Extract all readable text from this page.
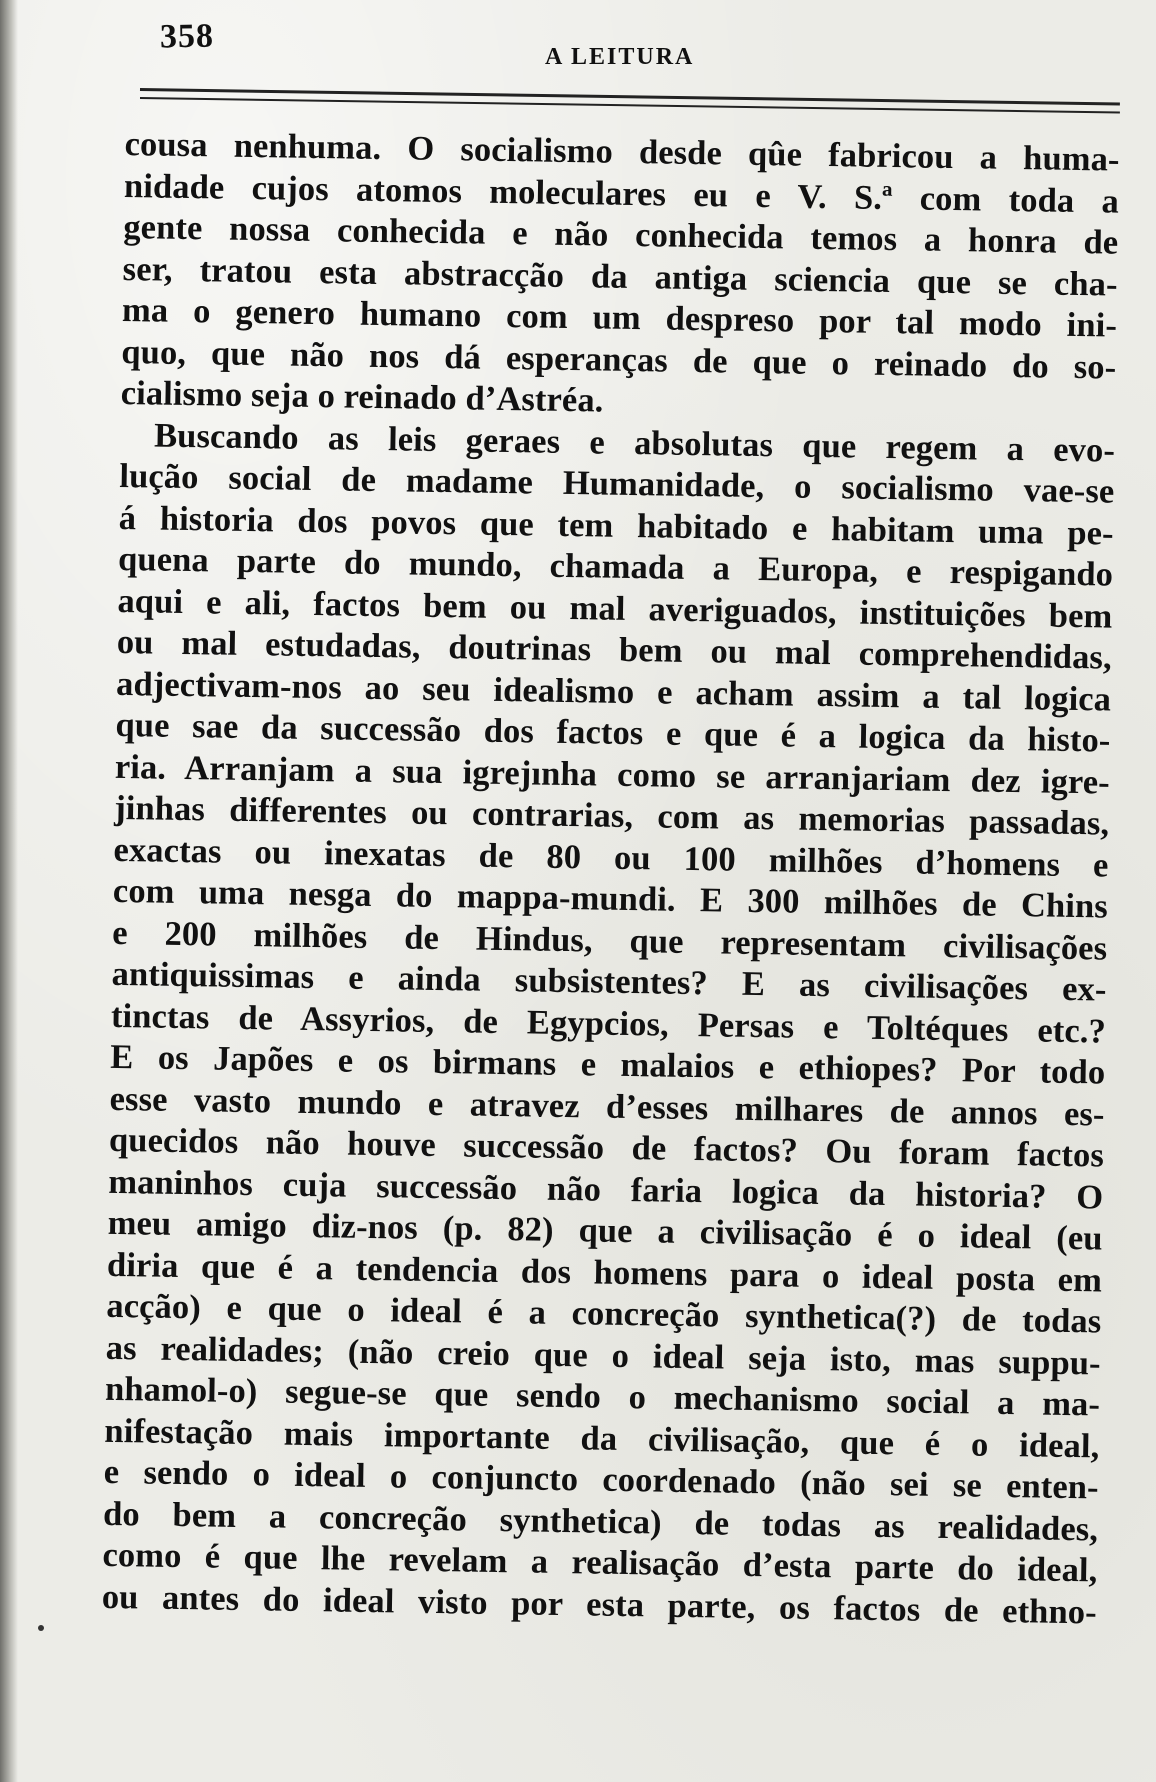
358
A LEITURA
cousa nenhuma. O socialismo desde qûe fabricou a huma-
nidade cujos atomos moleculares eu e V. S.ª com toda a
gente nossa conhecida e não conhecida temos a honra de
ser, tratou esta abstracção da antiga sciencia que se cha-
ma o genero humano com um despreso por tal modo ini-
quo, que não nos dá esperanças de que o reinado do so-
cialismo seja o reinado d’Astréa.
Buscando as leis geraes e absolutas que regem a evo-
lução social de madame Humanidade, o socialismo vae-se
á historia dos povos que tem habitado e habitam uma pe-
quena parte do mundo, chamada a Europa, e respigando
aqui e ali, factos bem ou mal averiguados, instituições bem
ou mal estudadas, doutrinas bem ou mal comprehendidas,
adjectivam-nos ao seu idealismo e acham assim a tal logica
que sae da successão dos factos e que é a logica da histo-
ria. Arranjam a sua igrejınha como se arranjariam dez igre-
jinhas differentes ou contrarias, com as memorias passadas,
exactas ou inexatas de 80 ou 100 milhões d’homens e
com uma nesga do mappa-mundi. E 300 milhões de Chins
e 200 milhões de Hindus, que representam civilisações
antiquissimas e ainda subsistentes? E as civilisações ex-
tinctas de Assyrios, de Egypcios, Persas e Toltéques etc.?
E os Japões e os birmans e malaios e ethiopes? Por todo
esse vasto mundo e atravez d’esses milhares de annos es-
quecidos não houve successão de factos? Ou foram factos
maninhos cuja successão não faria logica da historia? O
meu amigo diz-nos (p. 82) que a civilisação é o ideal (eu
diria que é a tendencia dos homens para o ideal posta em
acção) e que o ideal é a concreção synthetica(?) de todas
as realidades; (não creio que o ideal seja isto, mas suppu-
nhamol-o) segue-se que sendo o mechanismo social a ma-
nifestação mais importante da civilisação, que é o ideal,
e sendo o ideal o conjuncto coordenado (não sei se enten-
do bem a concreção synthetica) de todas as realidades,
como é que lhe revelam a realisação d’esta parte do ideal,
ou antes do ideal visto por esta parte, os factos de ethno-
